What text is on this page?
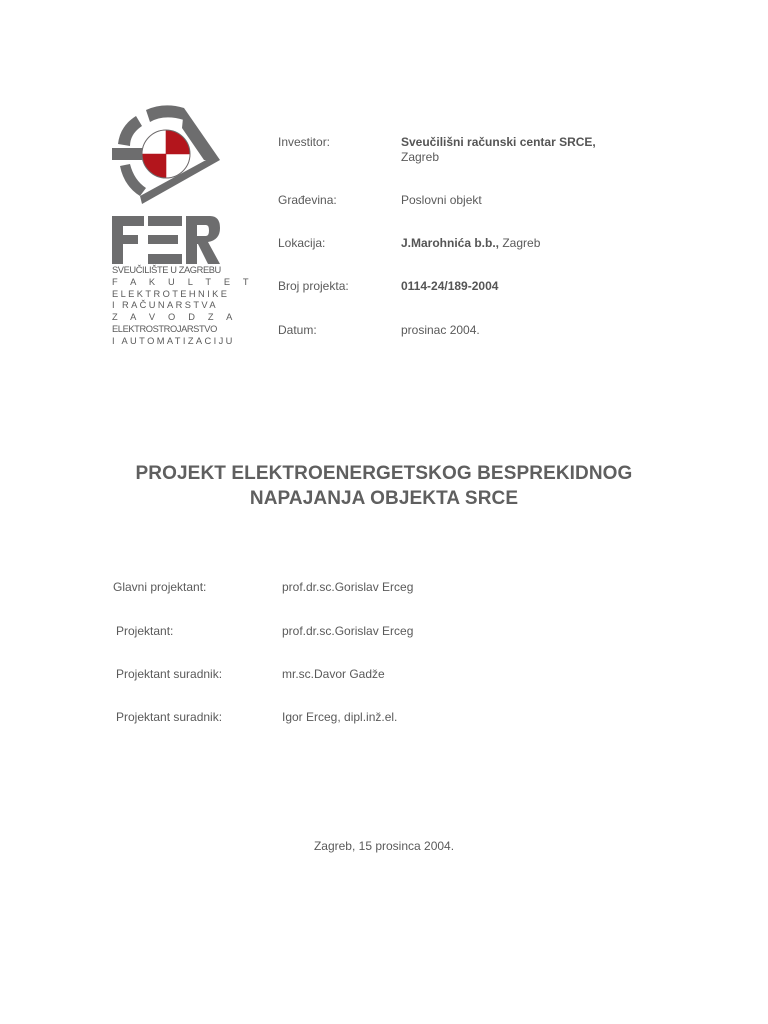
SVEUČILIŠTE U ZAGREBU
F A K U L T E T
ELEKTROTEHNIKE
I RAČUNARSTVA
Z A V O D Z A
ELEKTROSTROJARSTVO
I AUTOMATIZACIJU
Investitor:	Sveučilišni računski centar SRCE,
Zagreb
Građevina:	Poslovni objekt
Lokacija:	J.Marohnića b.b., Zagreb
Broj projekta:	0114-24/189-2004
Datum:	prosinac 2004.
PROJEKT ELEKTROENERGETSKOG BESPREKIDNOG
NAPAJANJA OBJEKTA SRCE
Glavni projektant:	prof.dr.sc.Gorislav Erceg
Projektant:	prof.dr.sc.Gorislav Erceg
Projektant suradnik:	mr.sc.Davor Gadže
Projektant suradnik:	Igor Erceg, dipl.inž.el.
Zagreb, 15 prosinca 2004.
